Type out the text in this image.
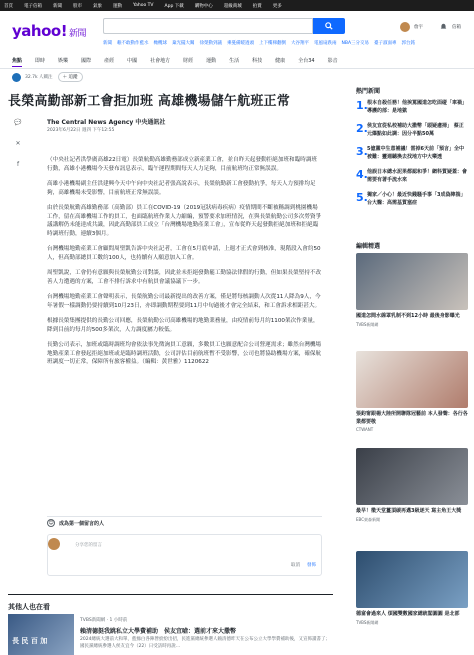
首頁 電子信箱 新聞 股市 氣象 運動 Yahoo TV App 下載 購物中心 超級商城 拍賣 更多
yahoo! 新聞
詹宇	信箱
新聞 賴不敢動作藍水 橄欖球 棄光擺大關 徐榮動到議 乘憂備暖過頭 上下樓梯翻倒 大谷翔平 電風扇跌兩 NBA三分交易 臺子淑面專 郭台銘
焦點	即時	娛樂	國際	產經	中國	社會地方	財經	運動	生活	科技	健康	全台34	影音
32.7k 人關注	＋ 追蹤
長榮高勤部新工會拒加班 高雄機場儲午航班正常
💬
✕
f
The Central News Agency 中央通訊社
2023年6月22日 週四 下午12:55

（中央社記者洪學廣高雄22日電）長榮航勤高雄勤務部成立新產業工會，並自昨天起發動拒絕加班和臨時調班行動，高雄小港機場今天發布訊息表示，臨午運程期間每天人力足夠，目前航班均正常無誤誤。

高雄小港機場副主任洪建興今天中午向中央社記者張高說表示，長榮航勤新工會發動抗爭，每天人力預排均足夠，高雄機場未受影響，目前航班正常無誤誤。

由於長榮航勤高雄勤務部（高勤部）員工在COVID-19（2019冠狀病毒疾病）疫情期間不斷被稱調到桃園機場工作，留在高雄機場工作的員工，也面臨航班作業人力縮編，預警要求加班情況，在與長榮航勤公司多次勞資爭議講解仍未能達成共識，因此高勤部員工成立「台灣機場地勤產業工會」，宣布從昨天起發動拒絕加班和拒絕臨時調班行動，連續3個月。

台灣機場地勤產業工會顧問周聖凱告訴中央社記者，工會在5月底申請，上週才正式會到核准，現階段入會約50人，但高勤部總員工數約100人，也持續有人願意加入工會。

周聖凱說，工會仍有意願與長榮航勤公司對談，因此並未拒絕發動罷工勤協法律假的行動，但如果長榮堅持不改善人力遭遇的方案，工會不排行訴求中有航員會議協議下一步。

台灣機場地勤產業工會聲明表示，長榮航勤公司最新提出的改善方案，僅是將每核調動人次從11人降為9人，今年暑假一樣調動仍要持續到10月23日，亦即調動期程要到11月中旬過後才會完全結束，和工會訴求相距甚大。

根據長榮集團提供的長勤公司回應，長榮航勤公司高雄機場的地勤業務量，由疫情前每月約1100架次作業量，降到目前約每月約500多架次，人力調度屬力較低。

長勤公司表示，加班或臨時調班均會依法事先徵詢員工意願，多數員工也願意配合公司營運需求；雖然台灣機場地勤產業工會發起拒絕加班或是臨時調班活動，公司評估目前航班暫不受影響，公司也將協助機場方案，確保航班調度一切正常，保障所有旅客權益。（編輯：黃世雅）1120622

☺ 成為第一個留言的人
分享您的留言
取消 發佈
其他人也在看
長 民 百 加
TVBS新聞網 · 1 小時前
賴清德挺我跳私立大學費補助　侯友宜嗆：選前才來大撒幣
2024總統大選前大和單，藍綠白各陣營紛紛出招，民進黨總統參選人賴清德昨天在公布公立大學學費補助後，又宣佈讀書了；國民黨總統參選人侯友宜今（22）日受訪時再說…
熱門新聞
1. 根本自殺任務！他挨罵國道怎吃面碰「車禍」導護的部：是地獄
2. 侯友宜從私校補助大撒幣「頭疑慮掃」 蔡正元爆點如此調：因分半點50萬
3. 5億黨中生意補議！雷掉6天前「預言」全中 被難：靈週聽換去找地方中大樂透
4. 他誤日本總水泥果都認和爭！網科質疑蓋：會需要有著手流水來
5. 獨家／小心！最近快錢騷手事「3成偽陣揣」 台大醫：高需基質塞症
編輯精選
國道怎間水線罩乳制不到12小時 最後身影曝光
TVBS新聞網
張鈞甯跟楊大陸所開聯隊冠藝前 本人發聲：各行各業都要敬
CTWANT
最早！徵天堂薑頂碳再邁3級逐天 寫主角王大獎
EBC東森新聞
德富會過來人 煩國雙數國家總統閣圓圓 是北部
TVBS新聞網
